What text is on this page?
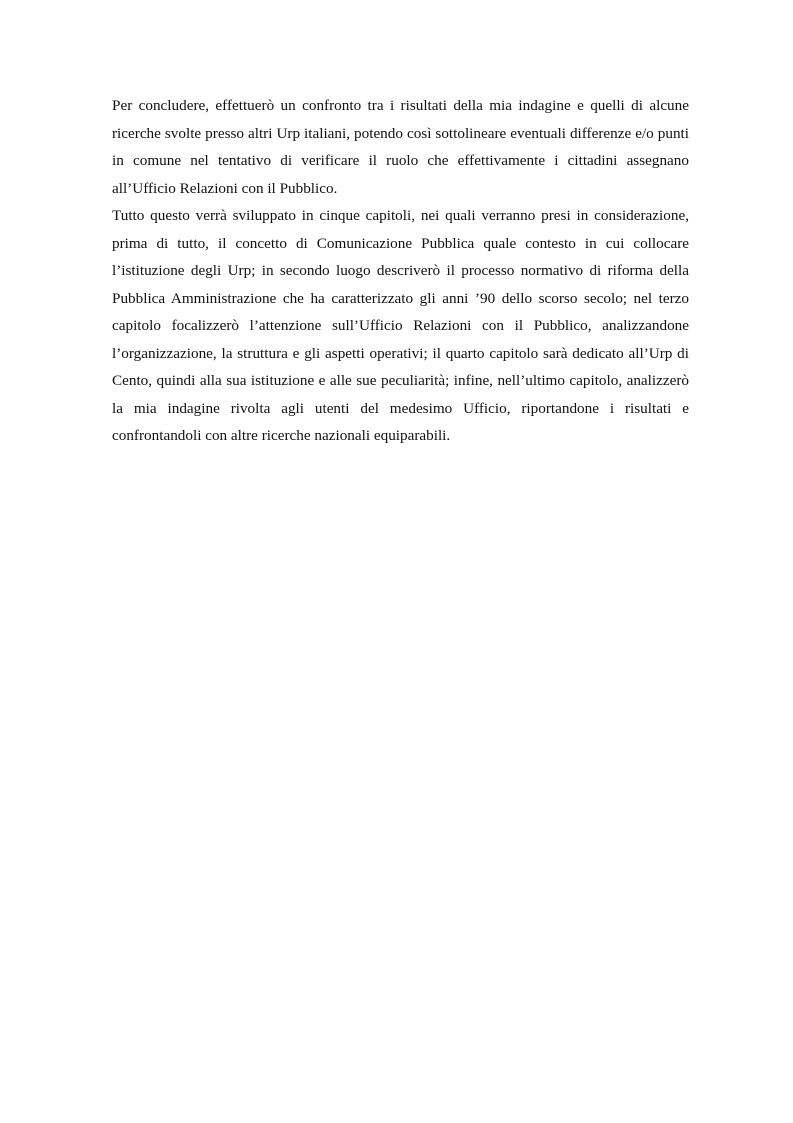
Per concludere, effettuerò un confronto tra i risultati della mia indagine e quelli di alcune ricerche svolte presso altri Urp italiani, potendo così sottolineare eventuali differenze e/o punti in comune nel tentativo di verificare il ruolo che effettivamente i cittadini assegnano all’Ufficio Relazioni con il Pubblico.

Tutto questo verrà sviluppato in cinque capitoli, nei quali verranno presi in considerazione, prima di tutto, il concetto di Comunicazione Pubblica quale contesto in cui collocare l’istituzione degli Urp; in secondo luogo descriverò il processo normativo di riforma della Pubblica Amministrazione che ha caratterizzato gli anni ’90 dello scorso secolo; nel terzo capitolo focalizzerò l’attenzione sull’Ufficio Relazioni con il Pubblico, analizzandone l’organizzazione, la struttura e gli aspetti operativi; il quarto capitolo sarà dedicato all’Urp di Cento, quindi alla sua istituzione e alle sue peculiarità; infine, nell’ultimo capitolo, analizzerò la mia indagine rivolta agli utenti del medesimo Ufficio, riportandone i risultati e confrontandoli con altre ricerche nazionali equiparabili.
